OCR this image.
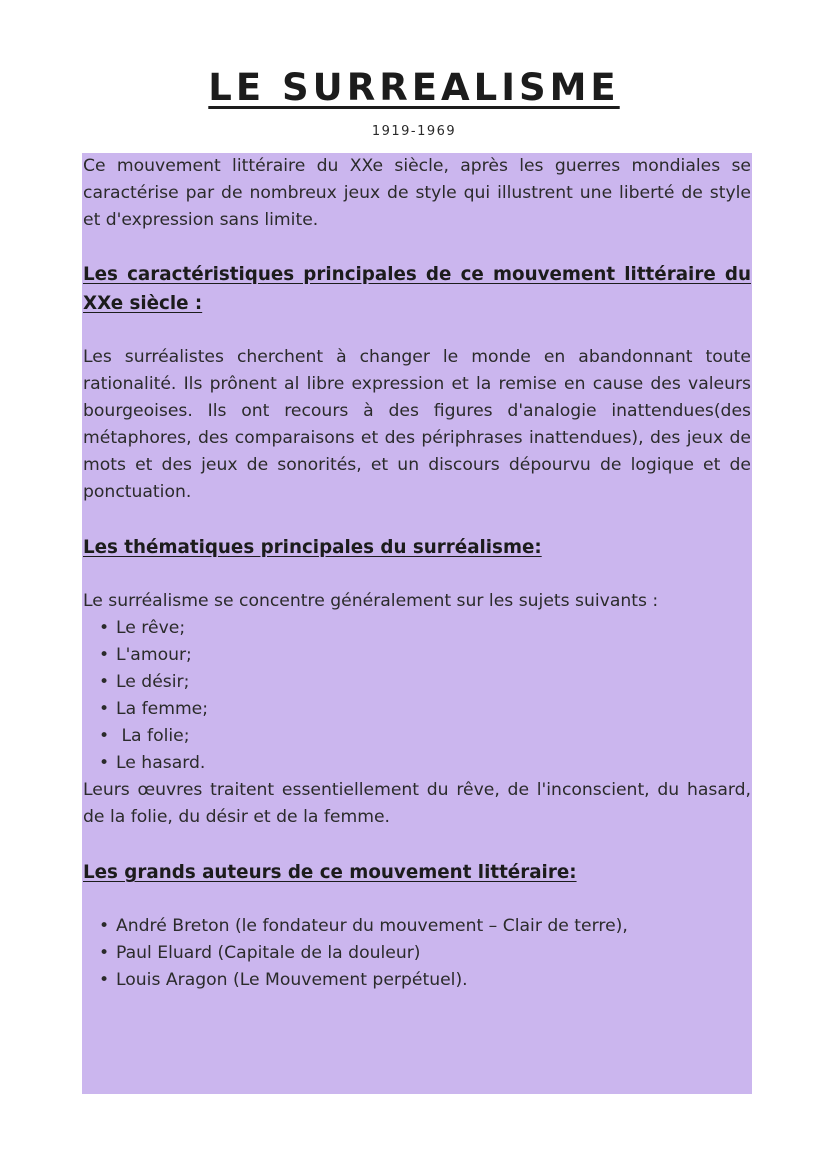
LE SURREALISME
1919-1969

Ce mouvement littéraire du XXe siècle, après les guerres mondiales se caractérise par de nombreux jeux de style qui illustrent une liberté de style et d'expression sans limite.

Les caractéristiques principales de ce mouvement littéraire du XXe siècle :

Les surréalistes cherchent à changer le monde en abandonnant toute rationalité. Ils prônent al libre expression et la remise en cause des valeurs bourgeoises. Ils ont recours à des figures d'analogie inattendues(des métaphores, des comparaisons et des périphrases inattendues), des jeux de mots et des jeux de sonorités, et un discours dépourvu de logique et de ponctuation.

Les thématiques principales du surréalisme:

Le surréalisme se concentre généralement sur les sujets suivants :

• Le rêve;
• L'amour;
• Le désir;
• La femme;
• La folie;
• Le hasard.

Leurs œuvres traitent essentiellement du rêve, de l'inconscient, du hasard, de la folie, du désir et de la femme.

Les grands auteurs de ce mouvement littéraire:

• André Breton (le fondateur du mouvement – Clair de terre),
• Paul Eluard (Capitale de la douleur)
• Louis Aragon (Le Mouvement perpétuel).
